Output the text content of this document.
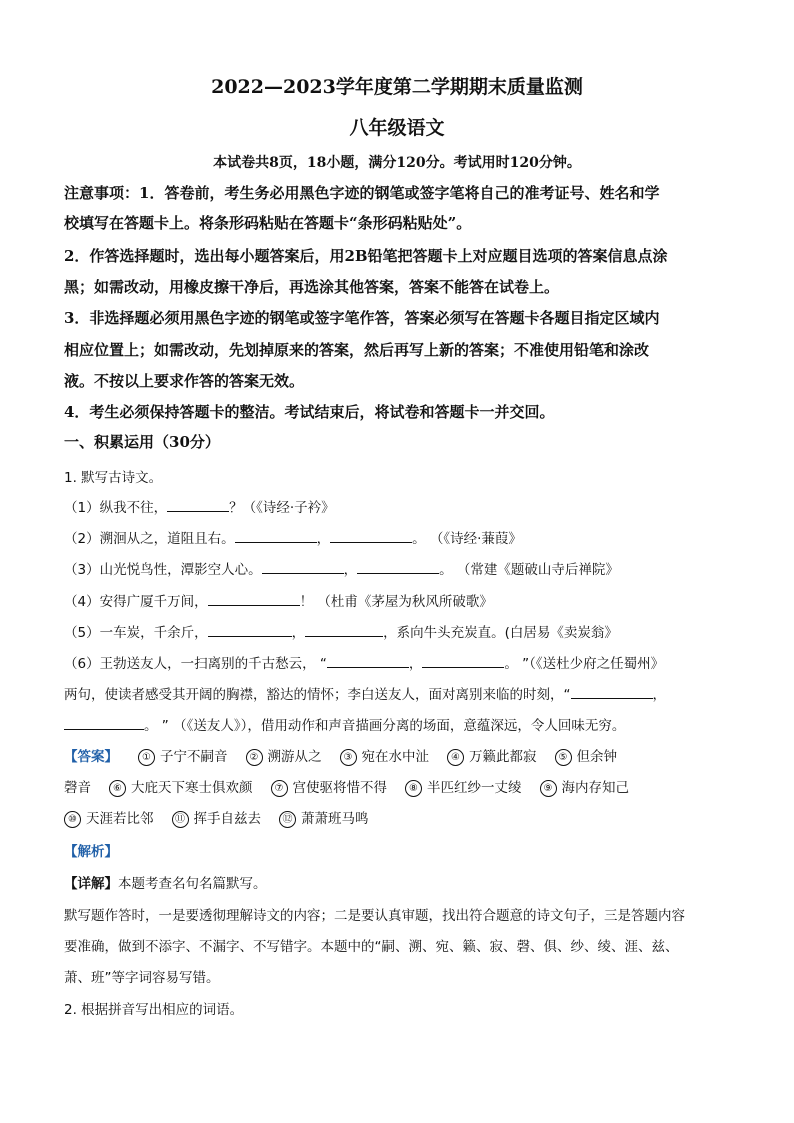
2022—2023学年度第二学期期末质量监测
八年级语文
本试卷共8页，18小题，满分120分。考试用时120分钟。
注意事项：1．答卷前，考生务必用黑色字迹的钢笔或签字笔将自己的准考证号、姓名和学
校填写在答题卡上。将条形码粘贴在答题卡“条形码粘贴处”。
2．作答选择题时，选出每小题答案后，用2B铅笔把答题卡上对应题目选项的答案信息点涂
黑；如需改动，用橡皮擦干净后，再选涂其他答案，答案不能答在试卷上。
3．非选择题必须用黑色字迹的钢笔或签字笔作答，答案必须写在答题卡各题目指定区域内
相应位置上；如需改动，先划掉原来的答案，然后再写上新的答案；不准使用铅笔和涂改
液。不按以上要求作答的答案无效。
4．考生必须保持答题卡的整洁。考试结束后，将试卷和答题卡一并交回。
一、积累运用（30分）
1. 默写古诗文。
（1）纵我不往，	？（《诗经·子衿》
（2）溯洄从之，道阻且右。	，	。 （《诗经·蒹葭》
（3）山光悦鸟性，潭影空人心。	，	。 （常建《题破山寺后禅院》
（4）安得广厦千万间，	！ （杜甫《茅屋为秋风所破歌》
（5）一车炭，千余斤，	，	，系向牛头充炭直。(白居易《卖炭翁》
（6）王勃送友人，一扫离别的千古愁云， “	，	。 ”（《送杜少府之任蜀州》
两句，使读者感受其开阔的胸襟，豁达的情怀；李白送友人，面对离别来临的时刻，“	，
。 ” （《送友人》），借用动作和声音描画分离的场面，意蕴深远，令人回味无穷。
【答案】 ① 子宁不嗣音 ② 溯游从之 ③ 宛在水中沚 ④ 万籁此都寂 ⑤ 但余钟
磬音 ⑥ 大庇天下寒士俱欢颜 ⑦ 宫使驱将惜不得 ⑧ 半匹红纱一丈绫 ⑨ 海内存知己
⑩ 天涯若比邻 ⑪ 挥手自兹去 ⑫ 萧萧班马鸣
【解析】
【详解】本题考查名句名篇默写。
默写题作答时，一是要透彻理解诗文的内容；二是要认真审题，找出符合题意的诗文句子，三是答题内容
要准确，做到不添字、不漏字、不写错字。本题中的“嗣、溯、宛、籁、寂、磬、俱、纱、绫、涯、兹、
萧、班”等字词容易写错。
2. 根据拼音写出相应的词语。
